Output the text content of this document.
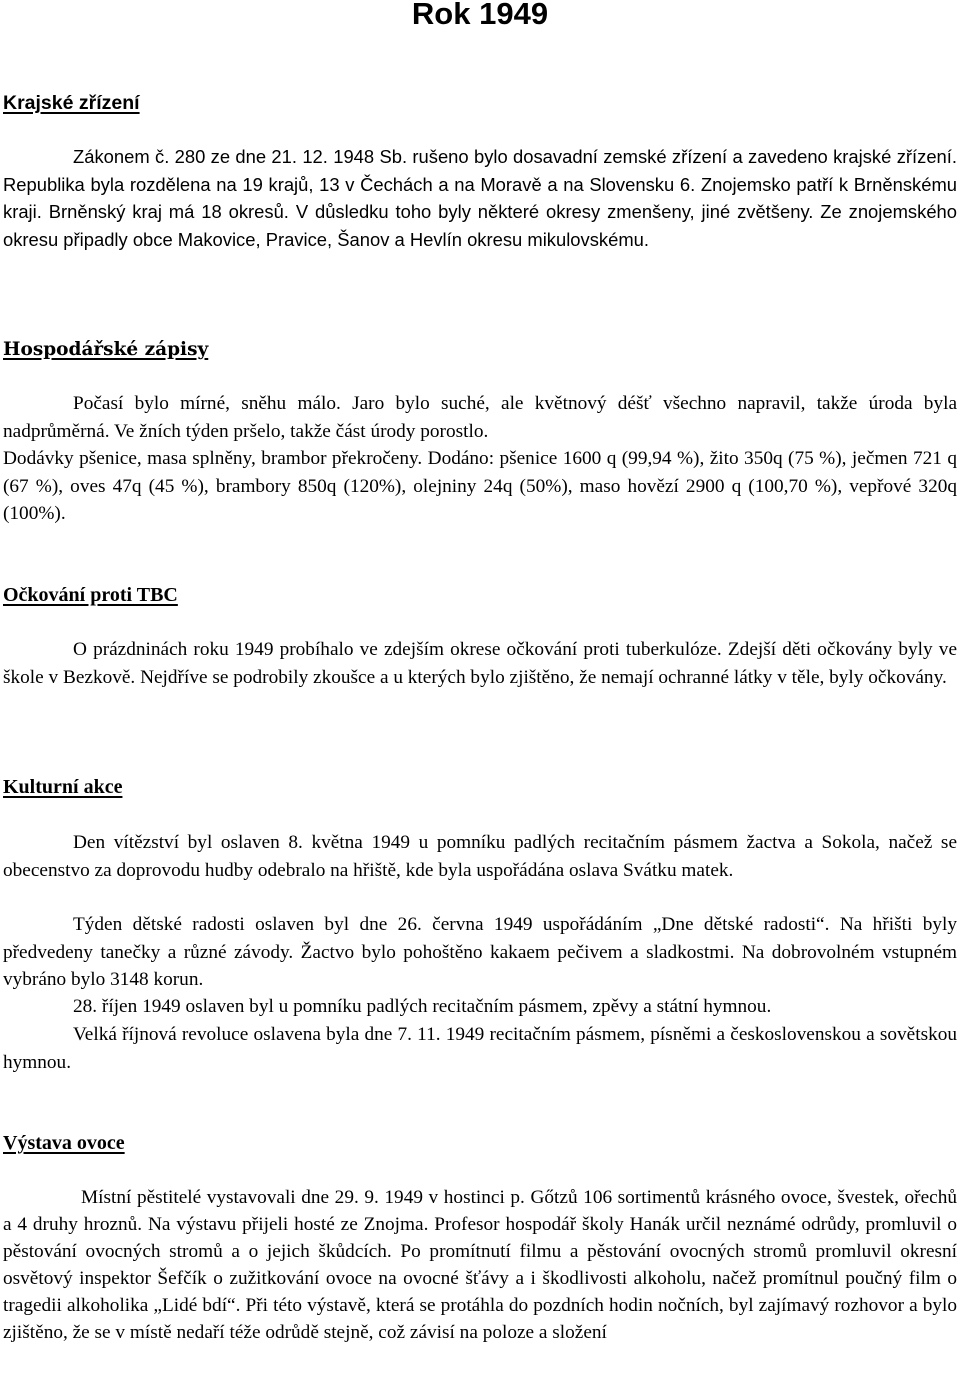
Rok 1949
Krajské zřízení

Zákonem č. 280 ze dne 21. 12. 1948 Sb. rušeno bylo dosavadní zemské zřízení a zavedeno krajské zřízení. Republika byla rozdělena na 19 krajů, 13 v Čechách a na Moravě a na Slovensku 6. Znojemsko patří k Brněnskému kraji. Brněnský kraj má 18 okresů. V důsledku toho byly některé okresy zmenšeny, jiné zvětšeny. Ze znojemského okresu připadly obce Makovice, Pravice, Šanov a Hevlín okresu mikulovskému.

Hospodářské zápisy

Počasí bylo mírné, sněhu málo. Jaro bylo suché, ale květnový déšť všechno napravil, takže úroda byla nadprůměrná. Ve žních týden pršelo, takže část úrody porostlo.

Dodávky pšenice, masa splněny, brambor překročeny. Dodáno: pšenice 1600 q (99,94 %), žito 350q (75 %), ječmen 721 q (67 %), oves 47q (45 %), brambory 850q (120%), olejniny 24q (50%), maso hovězí 2900 q (100,70 %), vepřové 320q (100%).

Očkování proti TBC

O prázdninách roku 1949 probíhalo ve zdejším okrese očkování proti tuberkulóze. Zdejší děti očkovány byly ve škole v Bezkově. Nejdříve se podrobily zkoušce a u kterých bylo zjištěno, že nemají ochranné látky v těle, byly očkovány.

Kulturní akce

Den vítězství byl oslaven 8. května 1949 u pomníku padlých recitačním pásmem žactva a Sokola, načež se obecenstvo za doprovodu hudby odebralo na hřiště, kde byla uspořádána oslava Svátku matek.

Týden dětské radosti oslaven byl dne 26. června 1949 uspořádáním „Dne dětské radosti“. Na hřišti byly předvedeny tanečky a různé závody. Žactvo bylo pohoštěno kakaem pečivem a sladkostmi. Na dobrovolném vstupném vybráno bylo 3148 korun.

28. říjen 1949 oslaven byl u pomníku padlých recitačním pásmem, zpěvy a státní hymnou.

Velká říjnová revoluce oslavena byla dne 7. 11. 1949 recitačním pásmem, písněmi a československou a sovětskou hymnou.

Výstava ovoce

Místní pěstitelé vystavovali dne 29. 9. 1949 v hostinci p. Gőtzů 106 sortimentů krásného ovoce, švestek, ořechů a 4 druhy hroznů. Na výstavu přijeli hosté ze Znojma. Profesor hospodář školy Hanák určil neznámé odrůdy, promluvil o pěstování ovocných stromů a o jejich škůdcích. Po promítnutí filmu a pěstování ovocných stromů promluvil okresní osvětový inspektor Šefčík o zužitkování ovoce na ovocné šťávy a i škodlivosti alkoholu, načež promítnul poučný film o tragedii alkoholika „Lidé bdí“. Při této výstavě, která se protáhla do pozdních hodin nočních, byl zajímavý rozhovor a bylo zjištěno, že se v místě nedaří téže odrůdě stejně, což závisí na poloze a složení
